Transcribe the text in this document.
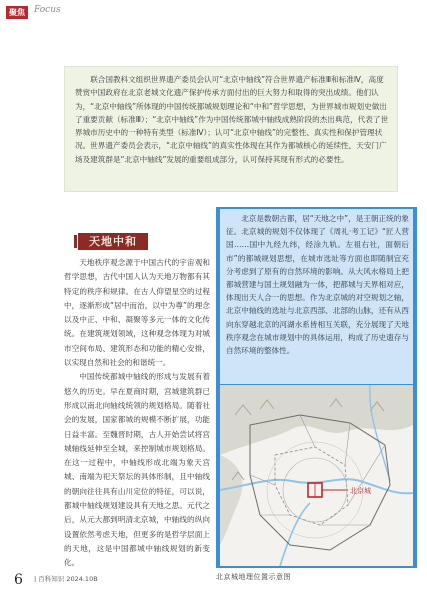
聚焦	Focus

联合国教科文组织世界遗产委员会认可“北京中轴线”符合世界遗产标准Ⅲ和标准Ⅳ，高度赞赏中国政府在北京老城文化遗产保护传承方面付出的巨大努力和取得的突出成绩。他们认为，“北京中轴线”所体现的中国传统都城规划理论和“中和”哲学思想，为世界城市规划史做出了重要贡献（标准Ⅲ）；“北京中轴线”作为中国传统都城中轴线成熟阶段的杰出典范，代表了世界城市历史中的一种特有类型（标准Ⅳ）；认可“北京中轴线”的完整性、真实性和保护管理状况。世界遗产委员会表示，“北京中轴线”的真实性体现在其作为都城核心的延续性，天安门广场及建筑群是“北京中轴线”发展的重要组成部分，认可保持其现有形式的必要性。

天地中和

天地秩序观念源于中国古代的宇宙观和哲学思想，古代中国人认为天地万物都有其特定的秩序和规律。在古人仰望星空的过程中，逐渐形成“居中而治，以中为尊”的理念以及中正、中和、凝聚等多元一体的文化传统。在建筑规划领域，这种观念体现为对城市空间布局、建筑形态和功能的精心安排，以实现自然和社会的和谐统一。

中国传统都城中轴线的形成与发展有着悠久的历史。早在夏商时期，宫城建筑群已形成以南北向轴线统领的规划格局。随着社会的发展，国家都城的规模不断扩展，功能日益丰富。至魏晋时期，古人开始尝试将宫城轴线延伸至全城，来控制城市规划格局。在这一过程中，中轴线形成北端为象天宫城、南端为祀天祭坛的具体形制，且中轴线的朝向往往具有山川定位的特征，可以说，都城中轴线规划建设具有天地之思。元代之后，从元大都到明清北京城，中轴线的纵向设置依然考虑天地，但更多的是哲学层面上的天地，这是中国都城中轴线规划的新变化。

北京是数朝古都，居“天地之中”，是王朝正统的象征。北京城的规划不仅体现了《周礼·考工记》“匠人营国……国中九经九纬，经涂九轨。左祖右社，面朝后市”的都城规划思想，在城市选址等方面也即随制宜充分考虑到了原有的自然环境的影响。从大风水格局上把都城营建与国土规划融为一体，把都城与天界相对应，体现出天人合一的思想。作为北京城的对空规划之轴，北京中轴线的选址与北京西部、北部的山脉，还有从西向东穿越北京的河湖水系皆相互关联，充分展现了天地秩序观念在城市规划中的具体运用，构成了历史遗存与自然环境的整体性。

北京城
北京城地理位置示意图
6 | 百科知识 2024.10B
